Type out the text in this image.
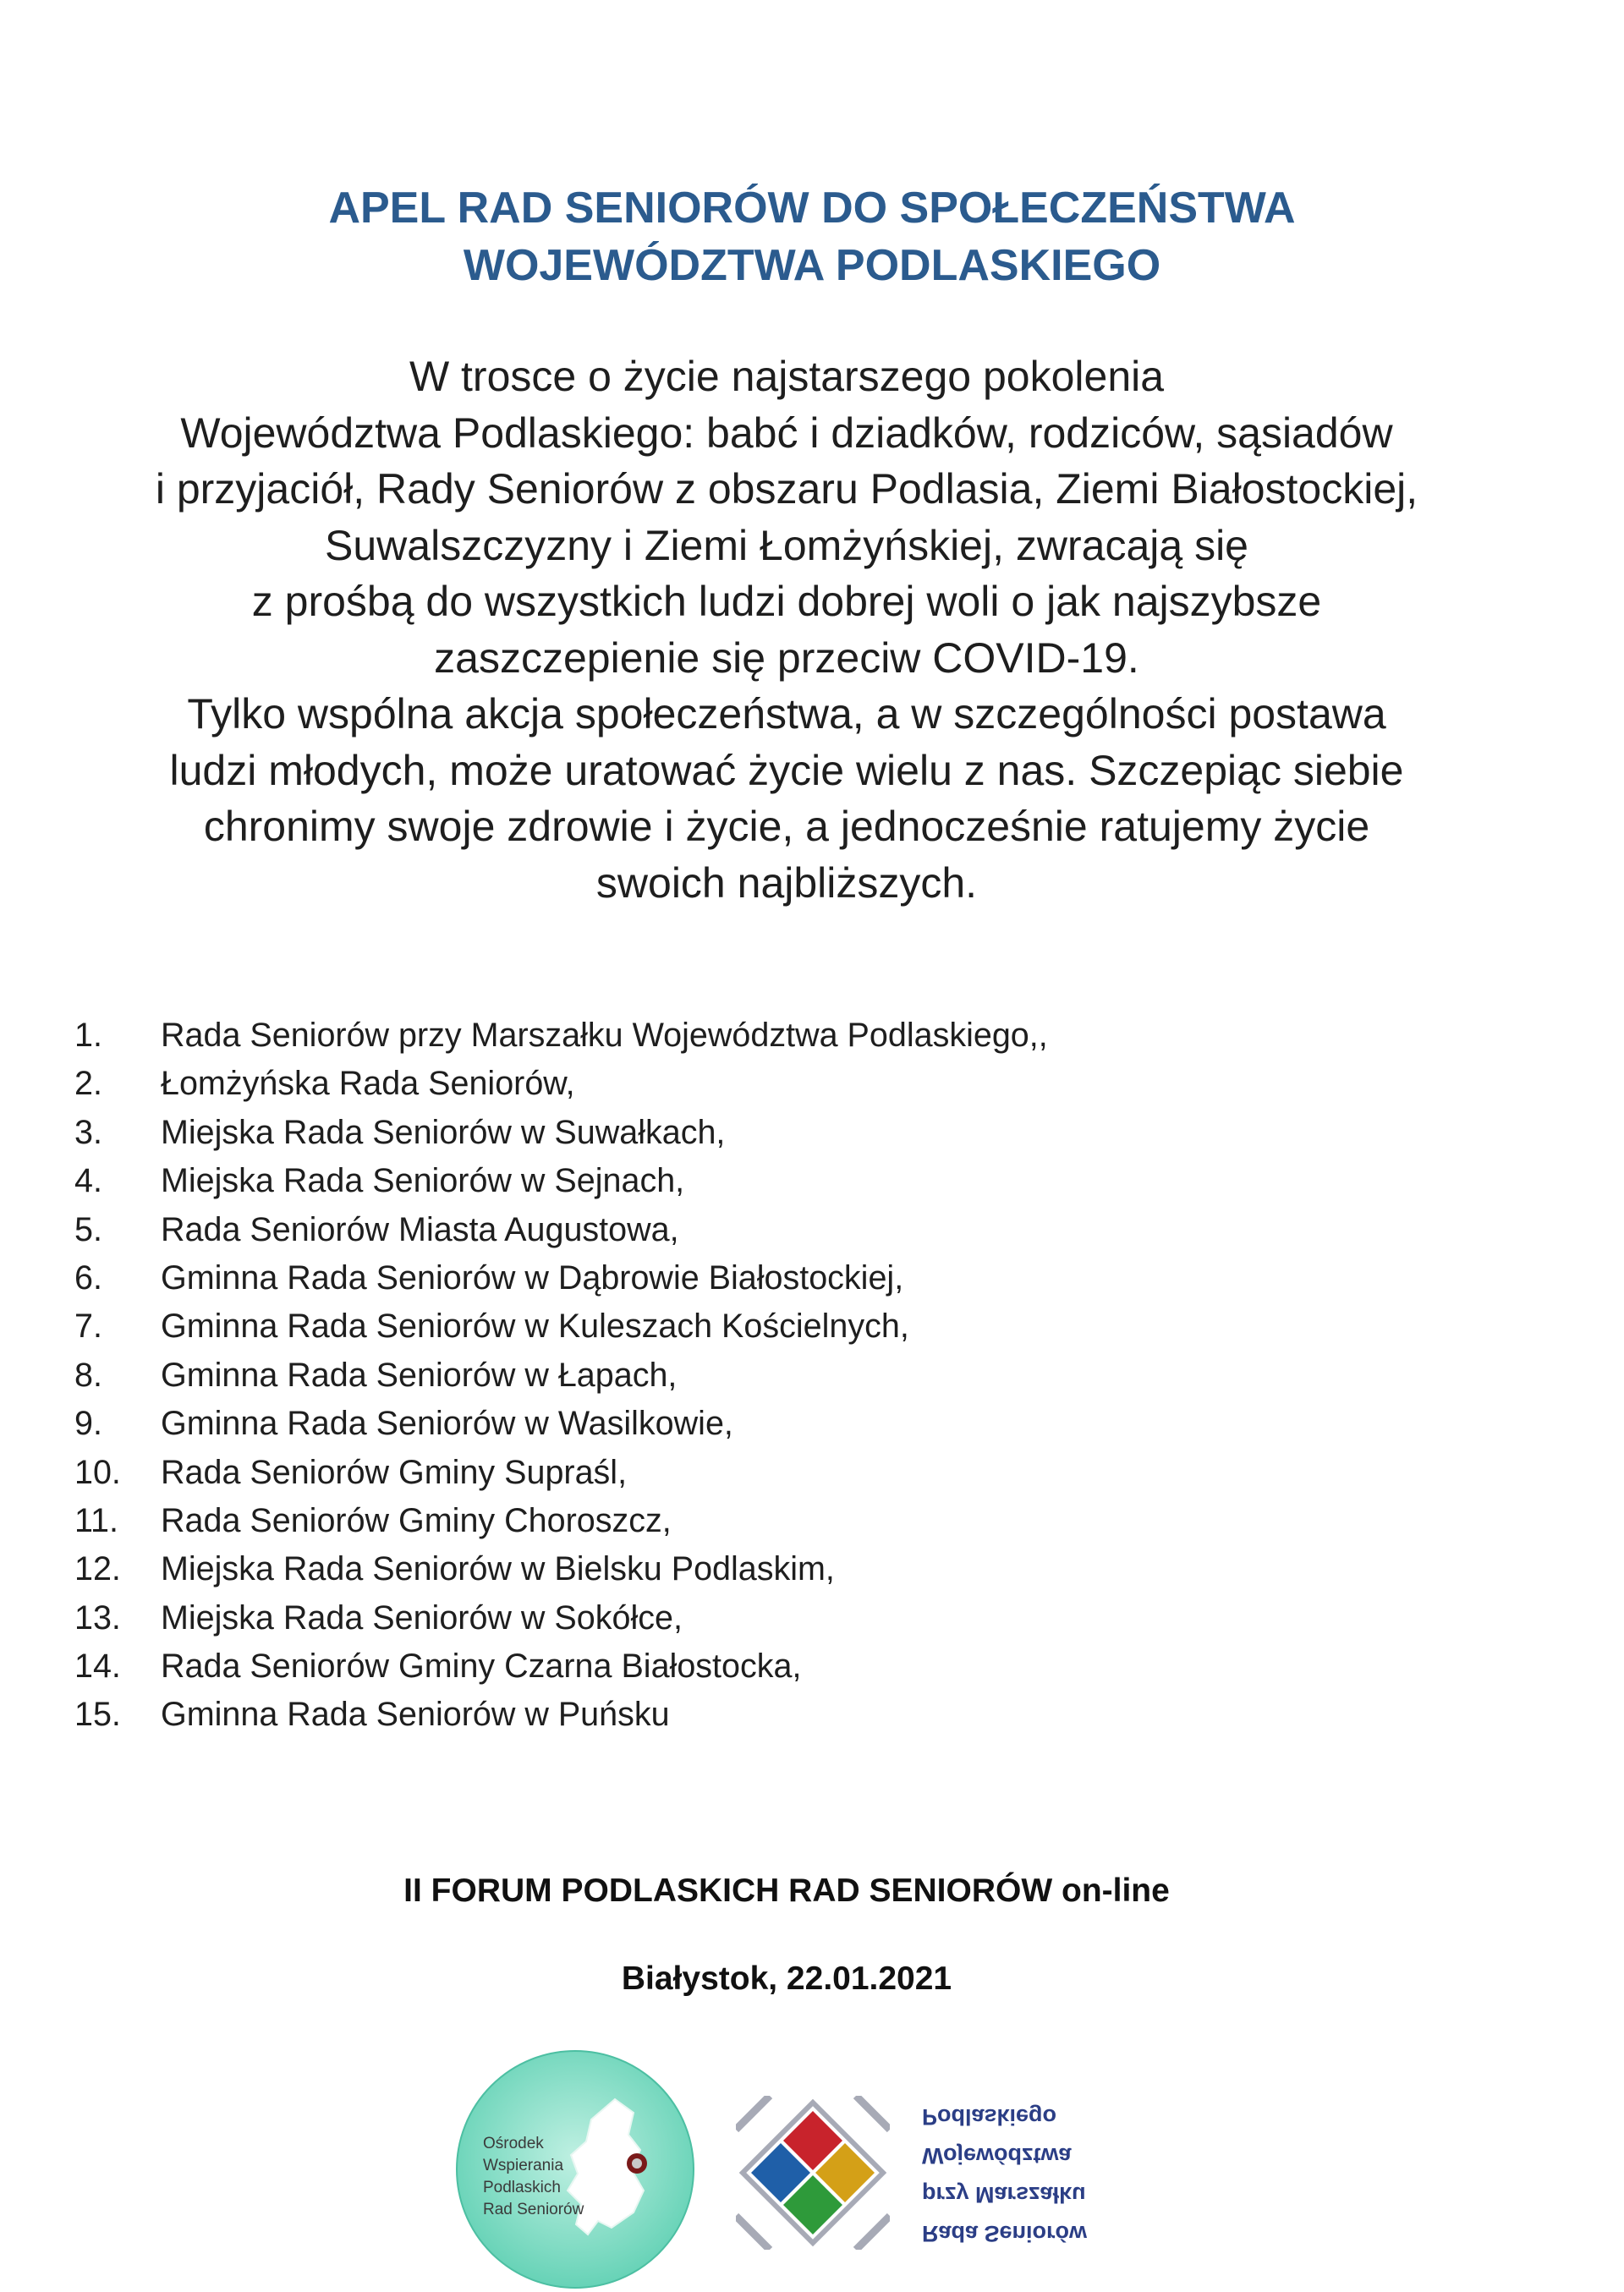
APEL RAD SENIORÓW DO SPOŁECZEŃSTWA
WOJEWÓDZTWA PODLASKIEGO
W trosce o życie najstarszego pokolenia
Województwa Podlaskiego: babć i dziadków, rodziców, sąsiadów
i przyjaciół, Rady Seniorów z obszaru Podlasia, Ziemi Białostockiej,
Suwalszczyzny i Ziemi Łomżyńskiej, zwracają się
z prośbą do wszystkich ludzi dobrej woli o jak najszybsze
zaszczepienie się przeciw COVID-19.
Tylko wspólna akcja społeczeństwa, a w szczególności postawa
ludzi młodych, może uratować życie wielu z nas. Szczepiąc siebie
chronimy swoje zdrowie i życie, a jednocześnie ratujemy życie
swoich najbliższych.
1.	Rada Seniorów przy Marszałku Województwa Podlaskiego,,
2.	Łomżyńska Rada Seniorów,
3.	Miejska Rada Seniorów w Suwałkach,
4.	Miejska Rada Seniorów w Sejnach,
5.	Rada Seniorów Miasta Augustowa,
6.	Gminna Rada Seniorów w Dąbrowie Białostockiej,
7.	Gminna Rada Seniorów w Kuleszach Kościelnych,
8.	Gminna Rada Seniorów w Łapach,
9.	Gminna Rada Seniorów w Wasilkowie,
10.	Rada Seniorów Gminy Supraśl,
11.	Rada Seniorów Gminy Choroszcz,
12.	Miejska Rada Seniorów w Bielsku Podlaskim,
13.	Miejska Rada Seniorów w Sokółce,
14.	Rada Seniorów Gminy Czarna Białostocka,
15.	Gminna Rada Seniorów w Puńsku
II FORUM PODLASKICH RAD SENIORÓW on-line
Białystok, 22.01.2021
Ośrodek
Wspierania
Podlaskich
Rad Seniorów
Rada Seniorów
przy Marszałku
Województwa
Podlaskiego
